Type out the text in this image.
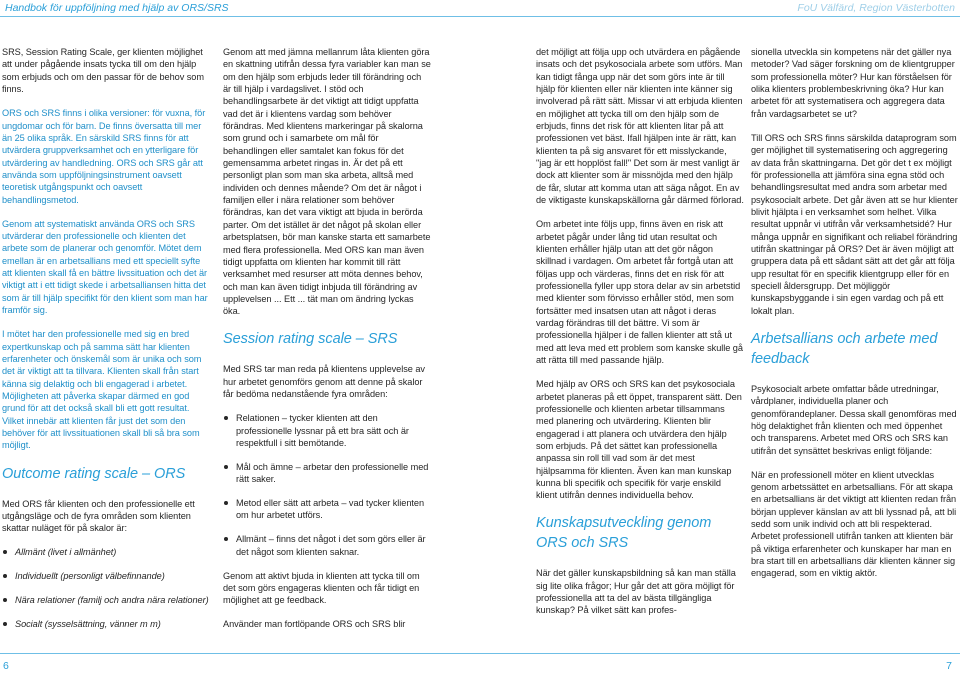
Handbok för uppföljning med hjälp av ORS/SRS	FoU Välfärd, Region Västerbotten

SRS, Session Rating Scale, ger klienten möjlighet att under pågående insats tycka till om den hjälp som erbjuds och om den passar för de behov som finns.

ORS och SRS finns i olika versioner: för vuxna, för ungdomar och för barn. De finns översatta till mer än 25 olika språk. En särskild SRS finns för att utvärdera gruppverksamhet och en ytterligare för utvärdering av handledning. ORS och SRS går att använda som uppföljningsinstrument oavsett teoretisk utgångspunkt och oavsett behandlingsmetod.

Genom att systematiskt använda ORS och SRS utvärderar den professionelle och klienten det arbete som de planerar och genomför. Mötet dem emellan är en arbetsallians med ett speciellt syfte att klienten skall få en bättre livssituation och det är viktigt att i ett tidigt skede i arbetsalliansen hitta det som är till hjälp specifikt för den klient som man har framför sig.

I mötet har den professionelle med sig en bred expertkunskap och på samma sätt har klienten erfarenheter och önskemål som är unika och som det är viktigt att ta tillvara. Klienten skall från start känna sig delaktig och bli engagerad i arbetet. Möjligheten att påverka skapar därmed en god grund för att det också skall bli ett gott resultat. Vilket innebär att klienten får just det som den behöver för att livssituationen skall bli så bra som möjligt.

Outcome rating scale – ORS

Med ORS får klienten och den professionelle ett utgångsläge och de fyra områden som klienten skattar nuläget för på skalor är:

Allmänt (livet i allmänhet)
Individuellt (personligt välbefinnande)
Nära relationer (familj och andra nära relationer)
Socialt (sysselsättning, vänner m m)

Genom att med jämna mellanrum låta klienten göra en skattning utifrån dessa fyra variabler kan man se om den hjälp som erbjuds leder till förändring och är till hjälp i vardagslivet. I stöd och behandlingsarbete är det viktigt att tidigt uppfatta vad det är i klientens vardag som behöver förändras. Med klientens markeringar på skalorna som grund och i samarbete om mål för behandlingen eller samtalet kan fokus för det gemensamma arbetet ringas in. Är det på ett personligt plan som man ska arbeta, alltså med individen och dennes mående? Om det är något i familjen eller i nära relationer som behöver förändras, kan det vara viktigt att bjuda in berörda parter. Om det istället är det något på skolan eller arbetsplatsen, bör man kanske starta ett samarbete med flera professionella. Med ORS kan man även tidigt uppfatta om klienten har kommit till rätt verksamhet med resurser att möta dennes behov, och man kan även tidigt inbjuda till förändring av upplevelsen ... Ett ... tät man om ändring lyckas öka.

Session rating scale – SRS

Med SRS tar man reda på klientens upplevelse av hur arbetet genomförs genom att denne på skalor får bedöma nedanstående fyra områden:

Relationen – tycker klienten att den professionelle lyssnar på ett bra sätt och är respektfull i sitt bemötande.
Mål och ämne – arbetar den professionelle med rätt saker.
Metod eller sätt att arbeta – vad tycker klienten om hur arbetet utförs.
Allmänt – finns det något i det som görs eller är det något som klienten saknar.

Genom att aktivt bjuda in klienten att tycka till om det som görs engageras klienten och får tidigt en möjlighet att ge feedback.

Använder man fortlöpande ORS och SRS blir

det möjligt att följa upp och utvärdera en pågående insats och det psykosociala arbete som utförs. Man kan tidigt fånga upp när det som görs inte är till hjälp för klienten eller när klienten inte känner sig involverad på rätt sätt. Missar vi att erbjuda klienten en möjlighet att tycka till om den hjälp som de erbjuds, finns det risk för att klienten litar på att professionen vet bäst. Ifall hjälpen inte är rätt, kan klienten ta på sig ansvaret för ett misslyckande, "jag är ett hopplöst fall!" Det som är mest vanligt är dock att klienter som är missnöjda med den hjälp de får, slutar att komma utan att säga något. En av de viktigaste kunskapskällorna går därmed förlorad.

Om arbetet inte följs upp, finns även en risk att arbetet pågår under lång tid utan resultat och klienten erhåller hjälp utan att det gör någon skillnad i vardagen. Om arbetet får fortgå utan att följas upp och värderas, finns det en risk för att professionella fyller upp stora delar av sin arbetstid med klienter som förvisso erhåller stöd, men som fortsätter med insatsen utan att något i deras vardag förändras till det bättre. Vi som är professionella hjälper i de fallen klienter att stå ut med att leva med ett problem som kanske skulle gå att rätta till med passande hjälp.

Med hjälp av ORS och SRS kan det psykosociala arbetet planeras på ett öppet, transparent sätt. Den professionelle och klienten arbetar tillsammans med planering och utvärdering. Klienten blir engagerad i att planera och utvärdera den hjälp som erbjuds. På det sättet kan professionella anpassa sin roll till vad som är det mest hjälpsamma för klienten. Även kan man kunskap kunna bli specifik och specifik för varje enskild klient utifrån dennes individuella behov.

Kunskapsutveckling genom ORS och SRS

När det gäller kunskapsbildning så kan man ställa sig lite olika frågor; Hur går det att göra möjligt för professionella att ta del av bästa tillgängliga kunskap? På vilket sätt kan profes-

sionella utveckla sin kompetens när det gäller nya metoder? Vad säger forskning om de klientgrupper som professionella möter? Hur kan förståelsen för olika klienters problembeskrivning öka? Hur kan arbetet för att systematisera och aggregera data från vardagsarbetet se ut?

Till ORS och SRS finns särskilda dataprogram som ger möjlighet till systematisering och aggregering av data från skattningarna. Det gör det t ex möjligt för professionella att jämföra sina egna stöd och behandlingsresultat med andra som arbetar med psykosocialt arbete. Det går även att se hur klienter blivit hjälpta i en verksamhet som helhet. Vilka resultat uppnår vi utifrån vår verksamhetsidé? Hur många uppnår en signifikant och reliabel förändring utifrån skattningar på ORS? Det är även möjligt att gruppera data på ett sådant sätt att det går att följa upp resultat för en specifik klientgrupp eller för en speciell åldersgrupp. Det möjliggör kunskapsbyggande i sin egen vardag och på ett lokalt plan.

Arbetsallians och arbete med feedback

Psykosocialt arbete omfattar både utredningar, vårdplaner, individuella planer och genomförandeplaner. Dessa skall genomföras med hög delaktighet från klienten och med öppenhet och transparens. Arbetet med ORS och SRS kan utifrån det synsättet beskrivas enligt följande:

När en professionell möter en klient utvecklas genom arbetssättet en arbetsallians. För att skapa en arbetsallians är det viktigt att klienten redan från början upplever känslan av att bli lyssnad på, att bli sedd som unik individ och att bli respekterad. Arbetet professionell utifrån tanken att klienten bär på viktiga erfarenheter och kunskaper har man en bra start till en arbetsallians där klienten känner sig engagerad, som en viktig aktör.

6	7
